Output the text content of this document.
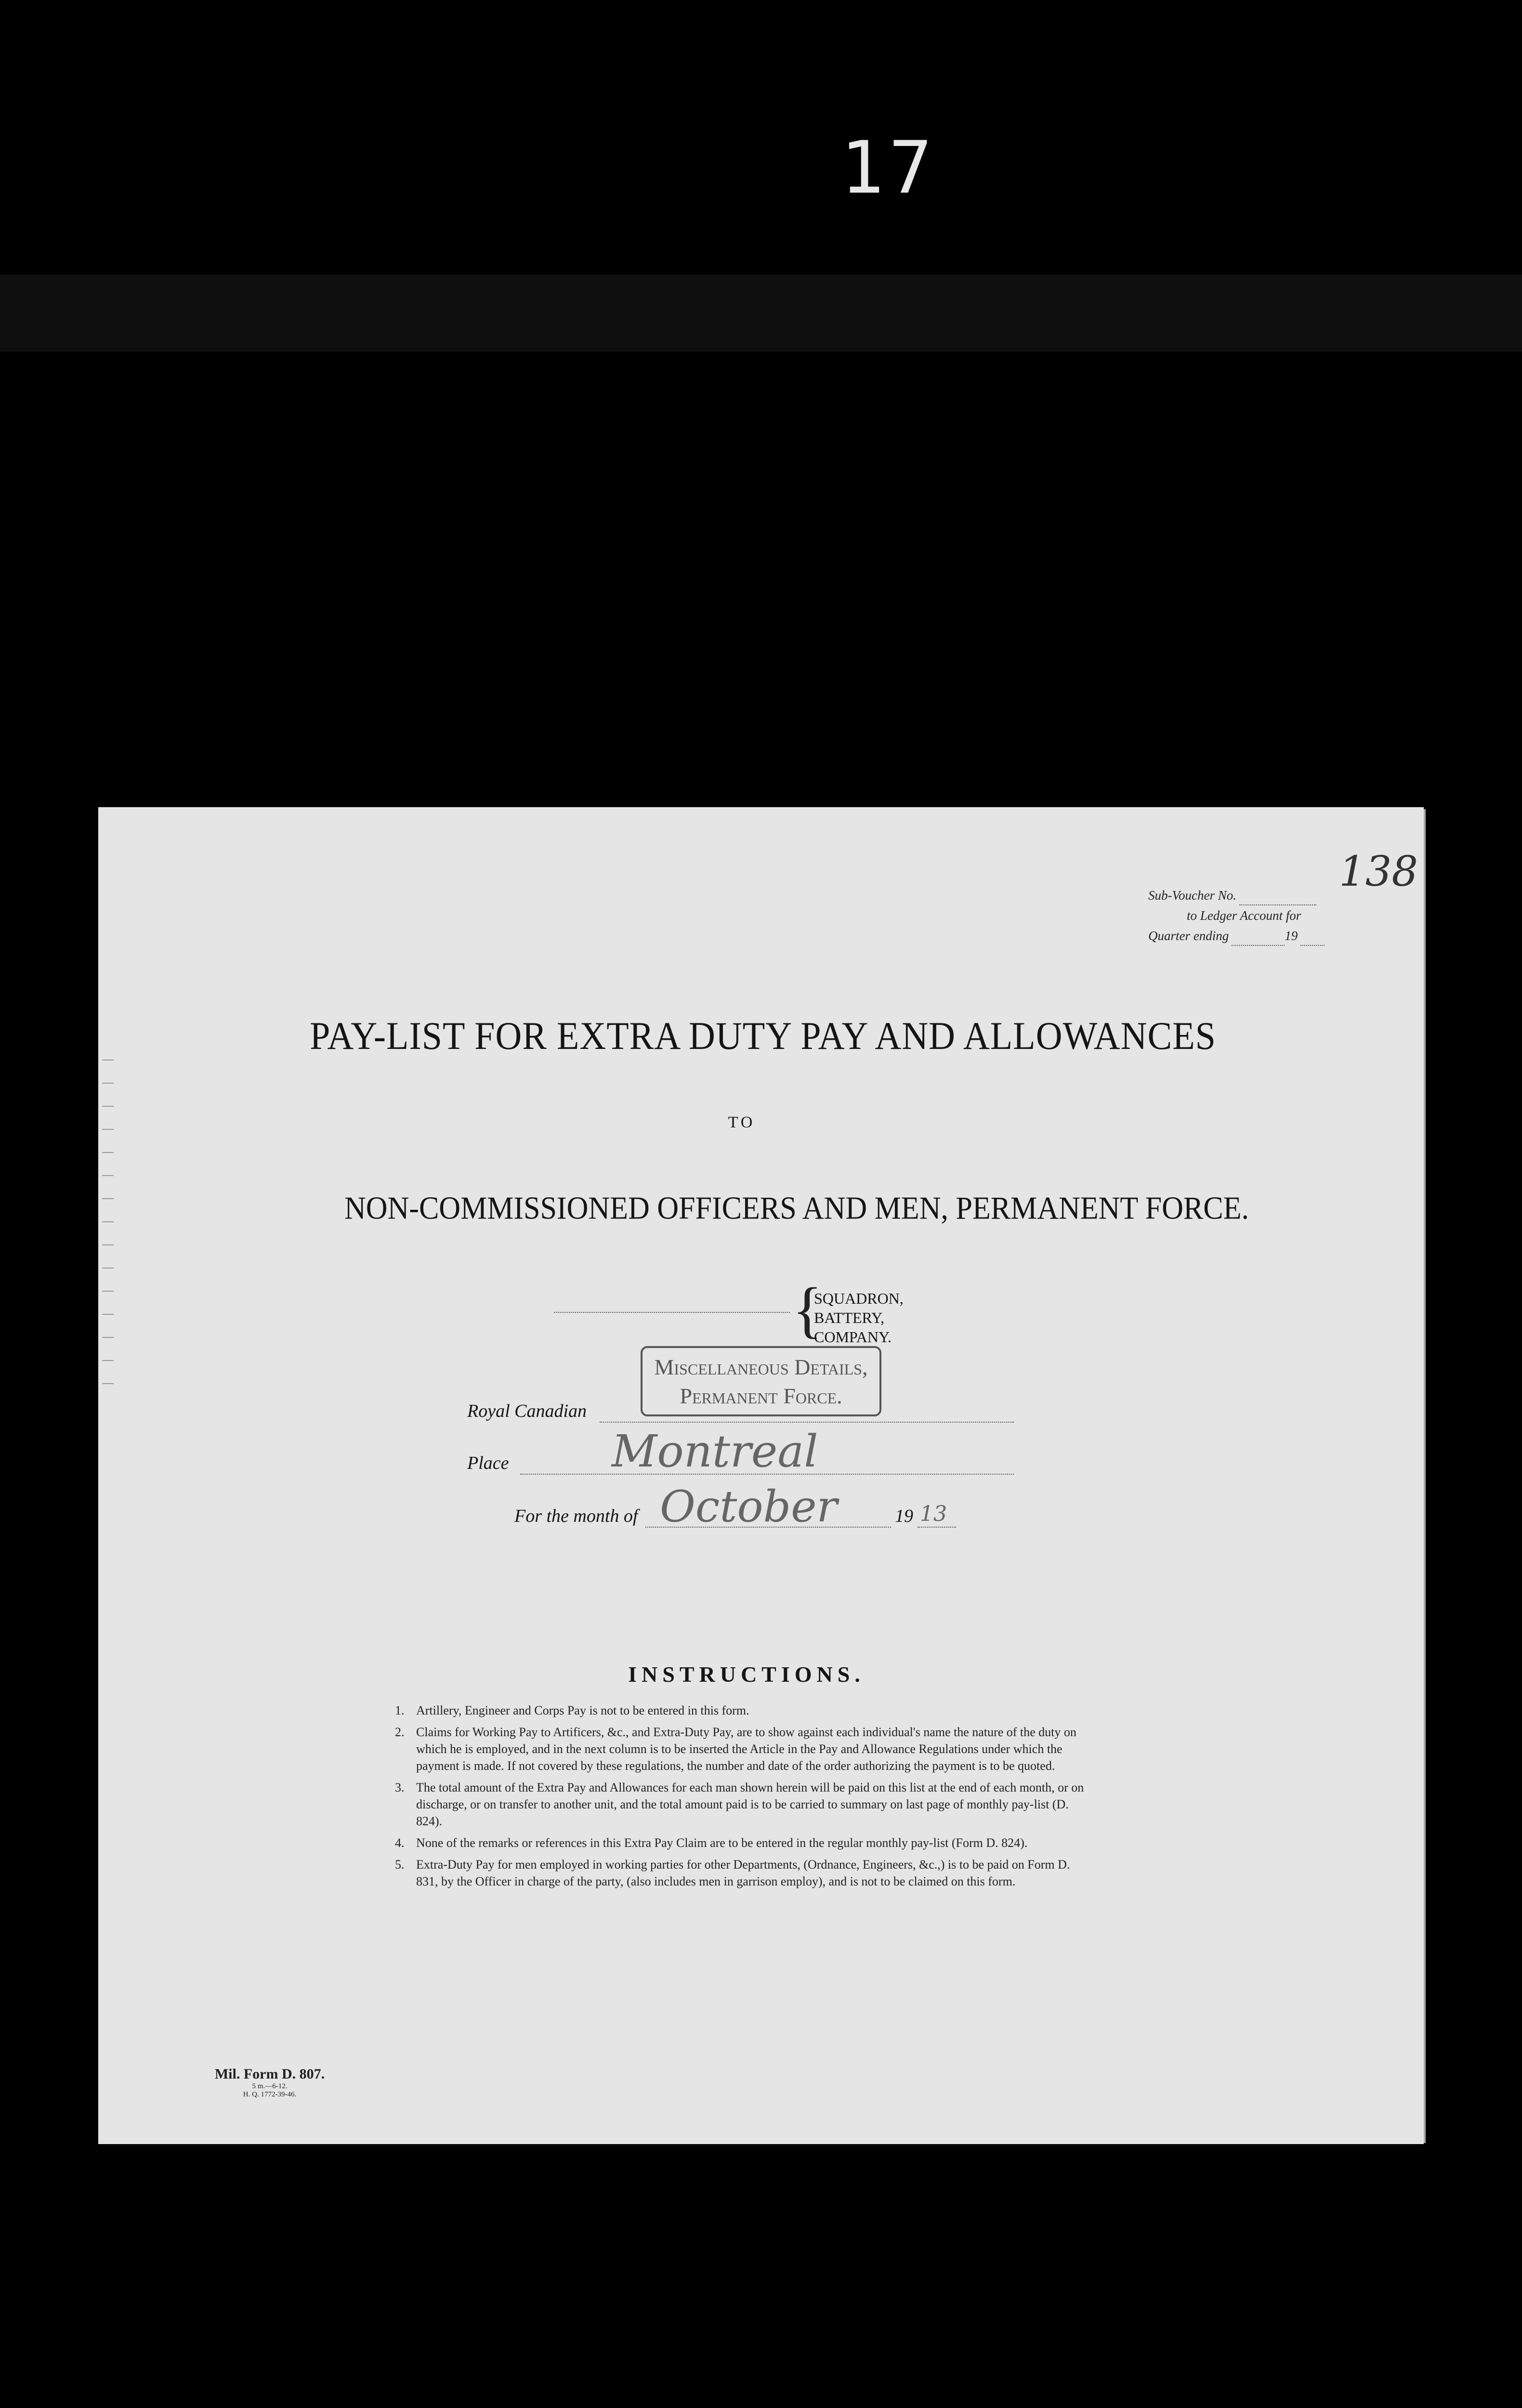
17
138
Sub-Voucher No.
to Ledger Account for
Quarter ending	19
PAY-LIST FOR EXTRA DUTY PAY AND ALLOWANCES
TO
NON-COMMISSIONED OFFICERS AND MEN, PERMANENT FORCE.
{
SQUADRON,
BATTERY,
COMPANY.
Miscellaneous Details,
Permanent Force.
Royal Canadian
Place Montreal
For the month of October	19 13
INSTRUCTIONS.
1. Artillery, Engineer and Corps Pay is not to be entered in this form.
2. Claims for Working Pay to Artificers, &c., and Extra-Duty Pay, are to show against each individual's name the nature of the duty on which he is employed, and in the next column is to be inserted the Article in the Pay and Allowance Regulations under which the payment is made. If not covered by these regulations, the number and date of the order authorizing the payment is to be quoted.
3. The total amount of the Extra Pay and Allowances for each man shown herein will be paid on this list at the end of each month, or on discharge, or on transfer to another unit, and the total amount paid is to be carried to summary on last page of monthly pay-list (D. 824).
4. None of the remarks or references in this Extra Pay Claim are to be entered in the regular monthly pay-list (Form D. 824).
5. Extra-Duty Pay for men employed in working parties for other Departments, (Ordnance, Engineers, &c.,) is to be paid on Form D. 831, by the Officer in charge of the party, (also includes men in garrison employ), and is not to be claimed on this form.
Mil. Form D. 807.
5 m.—6-12.
H. Q. 1772-39-46.
